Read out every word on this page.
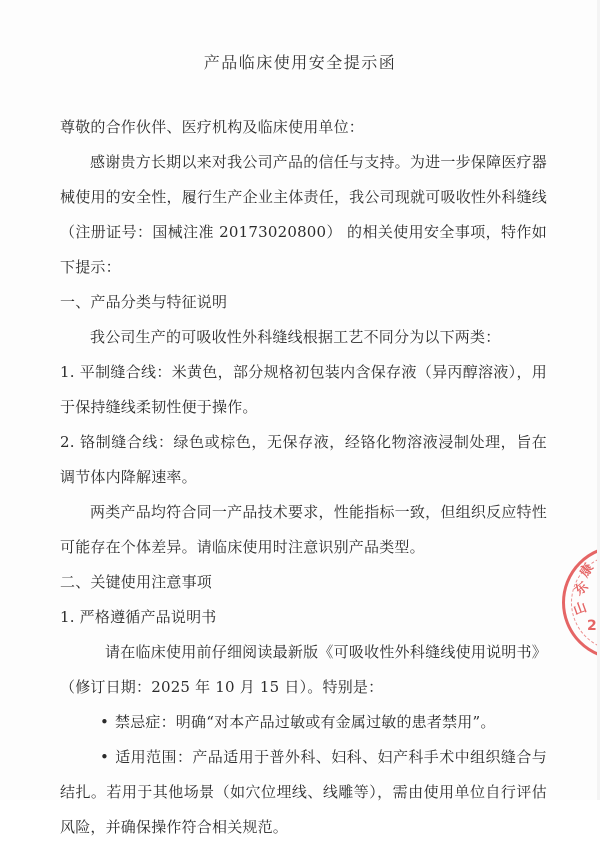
产品临床使用安全提示函

尊敬的合作伙伴、医疗机构及临床使用单位：

感谢贵方长期以来对我公司产品的信任与支持。为进一步保障医疗器械使用的安全性，履行生产企业主体责任，我公司现就可吸收性外科缝线（注册证号：国械注准 20173020800） 的相关使用安全事项，特作如下提示：

一、产品分类与特征说明

我公司生产的可吸收性外科缝线根据工艺不同分为以下两类：

1. 平制缝合线：米黄色，部分规格初包装内含保存液（异丙醇溶液），用于保持缝线柔韧性便于操作。

2. 铬制缝合线：绿色或棕色，无保存液，经铬化物溶液浸制处理，旨在调节体内降解速率。

两类产品均符合同一产品技术要求，性能指标一致，但组织反应特性可能存在个体差异。请临床使用时注意识别产品类型。

二、关键使用注意事项

1. 严格遵循产品说明书

请在临床使用前仔细阅读最新版《可吸收性外科缝线使用说明书》（修订日期：2025 年 10 月 15 日）。特别是：

• 禁忌症：明确“对本产品过敏或有金属过敏的患者禁用”。

• 适用范围：产品适用于普外科、妇科、妇产科手术中组织缝合与结扎。若用于其他场景（如穴位埋线、线雕等），需由使用单位自行评估风险，并确保操作符合相关规范。

康
东
山
2
